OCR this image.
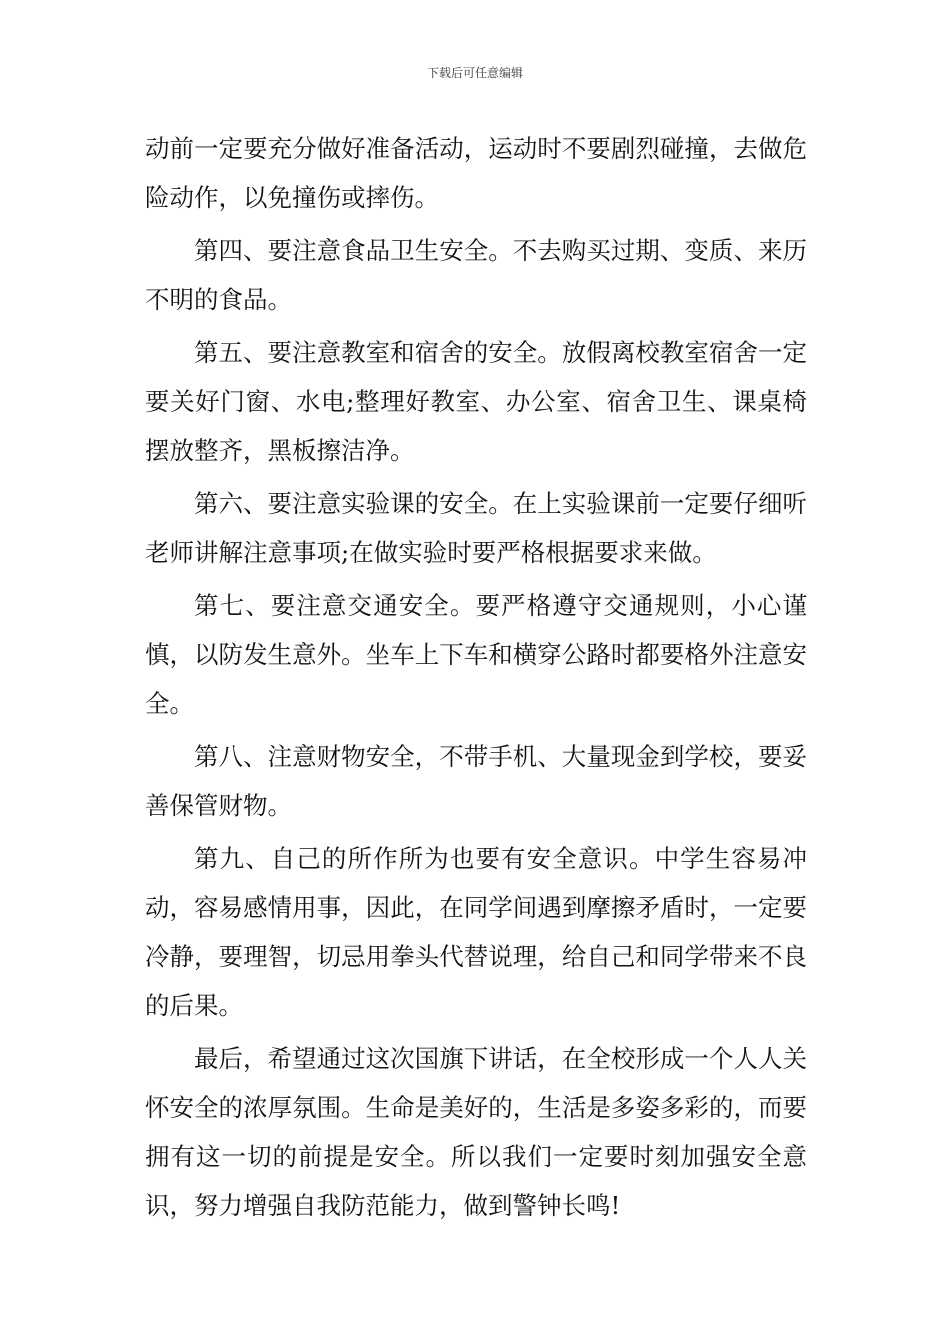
下载后可任意编辑

动前一定要充分做好准备活动，运动时不要剧烈碰撞，去做危险动作，以免撞伤或摔伤。

第四、要注意食品卫生安全。不去购买过期、变质、来历不明的食品。

第五、要注意教室和宿舍的安全。放假离校教室宿舍一定要关好门窗、水电;整理好教室、办公室、宿舍卫生、课桌椅摆放整齐，黑板擦洁净。

第六、要注意实验课的安全。在上实验课前一定要仔细听老师讲解注意事项;在做实验时要严格根据要求来做。

第七、要注意交通安全。要严格遵守交通规则，小心谨慎，以防发生意外。坐车上下车和横穿公路时都要格外注意安全。

第八、注意财物安全，不带手机、大量现金到学校，要妥善保管财物。

第九、自己的所作所为也要有安全意识。中学生容易冲动，容易感情用事，因此，在同学间遇到摩擦矛盾时，一定要冷静，要理智，切忌用拳头代替说理，给自己和同学带来不良的后果。

最后，希望通过这次国旗下讲话，在全校形成一个人人关怀安全的浓厚氛围。生命是美好的，生活是多姿多彩的，而要拥有这一切的前提是安全。所以我们一定要时刻加强安全意识，努力增强自我防范能力，做到警钟长鸣!
